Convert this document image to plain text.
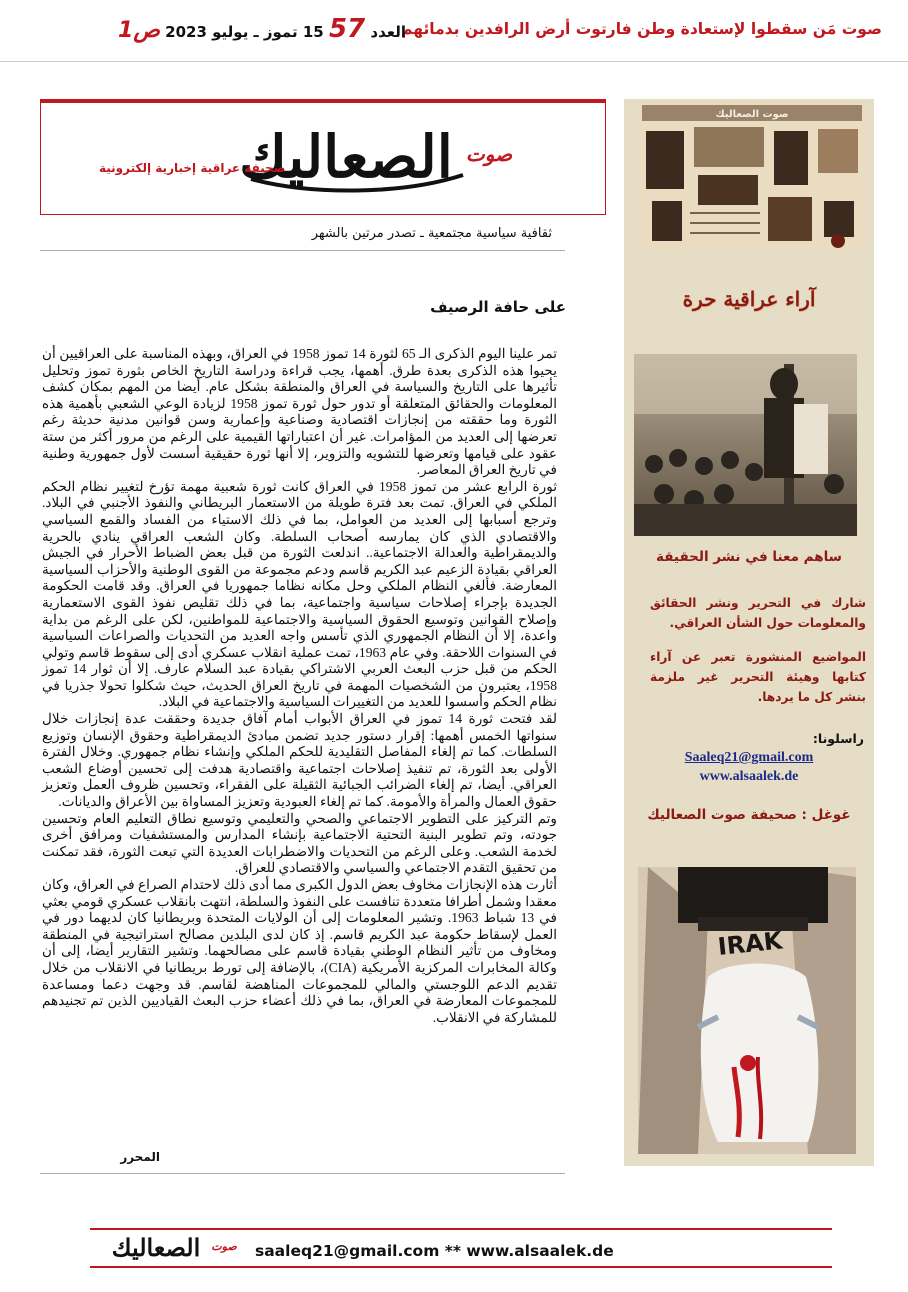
صوت مَن سقطوا لإستعادة وطن فارتوت أرض الرافدين بدمائهم
العدد 57 15 تموز ـ يوليو 2023 ص1
الصعاليك صوت
صحيفة عراقية إخبارية إلكترونية
ثقافية سياسية مجتمعية ـ تصدر مرتين بالشهر
على حافة الرصيف

تمر علينا اليوم الذكرى الـ 65 لثورة 14 تموز 1958 في العراق، وبهذه المناسبة على العراقيين أن يحيوا هذه الذكرى بعدة طرق. أهمها، يجب قراءة ودراسة التاريخ الخاص بثورة تموز وتحليل تأثيرها على التاريخ والسياسة في العراق والمنطقة بشكل عام. أيضا من المهم بمكان كشف المعلومات والحقائق المتعلقة أو تدور حول ثورة تموز 1958 لزيادة الوعي الشعبي بأهمية هذه الثورة وما حققته من إنجازات اقتصادية وصناعية وإعمارية وسن قوانين مدنية حديثة رغم تعرضها إلى العديد من المؤامرات. غير أن اعتباراتها القيمية على الرغم من مرور أكثر من ستة عقود على قيامها وتعرضها للتشويه والتزوير، إلا أنها ثورة حقيقية أسست لأول جمهورية وطنية في تاريخ العراق المعاصر.

ثورة الرابع عشر من تموز 1958 في العراق كانت ثورة شعبية مهمة تؤرخ لتغيير نظام الحكم الملكي في العراق. تمت بعد فترة طويلة من الاستعمار البريطاني والنفوذ الأجنبي في البلاد. وترجع أسبابها إلى العديد من العوامل، بما في ذلك الاستياء من الفساد والقمع السياسي والاقتصادي الذي كان يمارسه أصحاب السلطة. وكان الشعب العراقي ينادي بالحرية والديمقراطية والعدالة الاجتماعية.. اندلعت الثورة من قبل بعض الضباط الأحرار في الجيش العراقي بقيادة الزعيم عبد الكريم قاسم ودعم مجموعة من القوى الوطنية والأحزاب السياسية المعارضة. فألغي النظام الملكي وحل مكانه نظاما جمهوريا في العراق. وقد قامت الحكومة الجديدة بإجراء إصلاحات سياسية واجتماعية، بما في ذلك تقليص نفوذ القوى الاستعمارية وإصلاح القوانين وتوسيع الحقوق السياسية والاجتماعية للمواطنين، لكن على الرغم من بداية واعدة، إلا أن النظام الجمهوري الذي تأسس واجه العديد من التحديات والصراعات السياسية في السنوات اللاحقة. وفي عام 1963، تمت عملية انقلاب عسكري أدى إلى سقوط قاسم وتولي الحكم من قبل حزب البعث العربي الاشتراكي بقيادة عبد السلام عارف. إلا أن ثوار 14 تموز 1958، يعتبرون من الشخصيات المهمة في تاريخ العراق الحديث، حيث شكلوا تحولا جذريا في نظام الحكم وأسسوا للعديد من التغييرات السياسية والاجتماعية في البلاد.

لقد فتحت ثورة 14 تموز في العراق الأبواب أمام آفاق جديدة وحققت عدة إنجازات خلال سنواتها الخمس أهمها: إقرار دستور جديد تضمن مبادئ الديمقراطية وحقوق الإنسان وتوزيع السلطات. كما تم إلغاء المفاصل التقليدية للحكم الملكي وإنشاء نظام جمهوري. وخلال الفترة الأولى بعد الثورة، تم تنفيذ إصلاحات اجتماعية واقتصادية هدفت إلى تحسين أوضاع الشعب العراقي. أيضا، تم إلغاء الضرائب الجبائية الثقيلة على الفقراء، وتحسين ظروف العمل وتعزيز حقوق العمال والمرأة والأمومة. كما تم إلغاء العبودية وتعزيز المساواة بين الأعراق والديانات.

وتم التركيز على التطوير الاجتماعي والصحي والتعليمي وتوسيع نطاق التعليم العام وتحسين جودته، وتم تطوير البنية التحتية الاجتماعية بإنشاء المدارس والمستشفيات ومرافق أخرى لخدمة الشعب. وعلى الرغم من التحديات والاضطرابات العديدة التي تبعت الثورة، فقد تمكنت من تحقيق التقدم الاجتماعي والسياسي والاقتصادي للعراق.

أثارت هذه الإنجازات مخاوف بعض الدول الكبرى مما أدى ذلك لاحتدام الصراع في العراق، وكان معقدا وشمل أطرافا متعددة تنافست على النفوذ والسلطة، انتهت بانقلاب عسكري قومي بعثي في 13 شباط 1963. وتشير المعلومات إلى أن الولايات المتحدة وبريطانيا كان لديهما دور في العمل لإسقاط حكومة عبد الكريم قاسم. إذ كان لدى البلدين مصالح استراتيجية في المنطقة ومخاوف من تأثير النظام الوطني بقيادة قاسم على مصالحهما. وتشير التقارير أيضا، إلى أن وكالة المخابرات المركزية الأمريكية (CIA)، بالإضافة إلى تورط بريطانيا في الانقلاب من خلال تقديم الدعم اللوجستي والمالي للمجموعات المناهضة لقاسم. قد وجهت دعما ومساعدة للمجموعات المعارضة في العراق، بما في ذلك أعضاء حزب البعث القياديين الذين تم تجنيدهم للمشاركة في الانقلاب.

المحرر
صوت الصعاليك
آراء عراقية حرة
ساهم معنا في نشر الحقيقة
شارك في التحرير ونشر الحقائق والمعلومات حول الشأن العراقي.
المواضيع المنشورة تعبر عن آراء كتابها وهيئة التحرير غير ملزمة بنشر كل ما يردها.
راسلونا:
Saaleq21@gmail.com
www.alsaalek.de
غوغل : صحيفة صوت الصعاليك
IRAK
الصعاليك صوت saaleq21@gmail.com ** www.alsaalek.de
